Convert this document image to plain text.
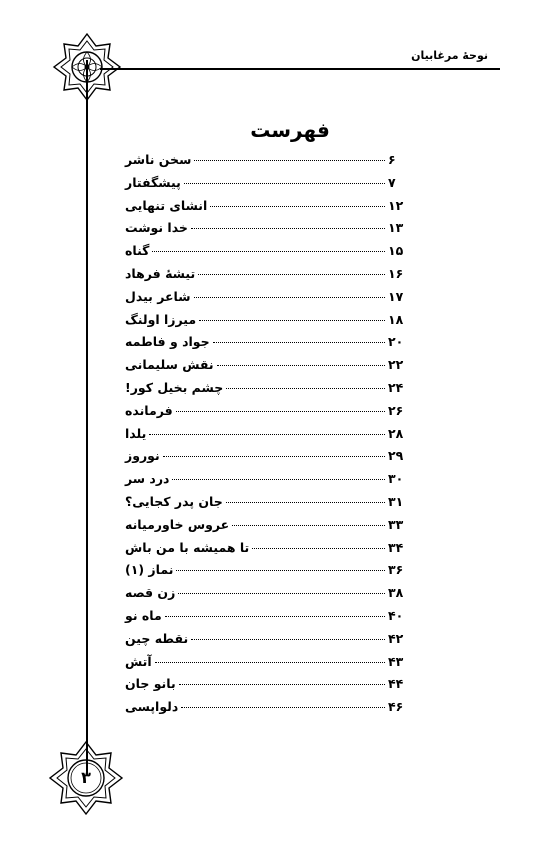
نوحهٔ مرغابیان
۳
فهرست
سخن ناشر	۶
پیشگفتار	۷
انشای تنهایی	۱۲
خدا نوشت	۱۳
گناه	۱۵
تیشهٔ فرهاد	۱۶
شاعر بیدل	۱۷
میرزا اولنگ	۱۸
جواد و فاطمه	۲۰
نقش سلیمانی	۲۲
چشم بخیل کور!	۲۴
فرمانده	۲۶
یلدا	۲۸
نوروز	۲۹
درد سر	۳۰
جان پدر کجایی؟	۳۱
عروس خاورمیانه	۳۳
تا همیشه با من باش	۳۴
نماز (۱)	۳۶
زن قصه	۳۸
ماه نو	۴۰
نقطه چین	۴۲
آتش	۴۳
بانو جان	۴۴
دلواپسی	۴۶
